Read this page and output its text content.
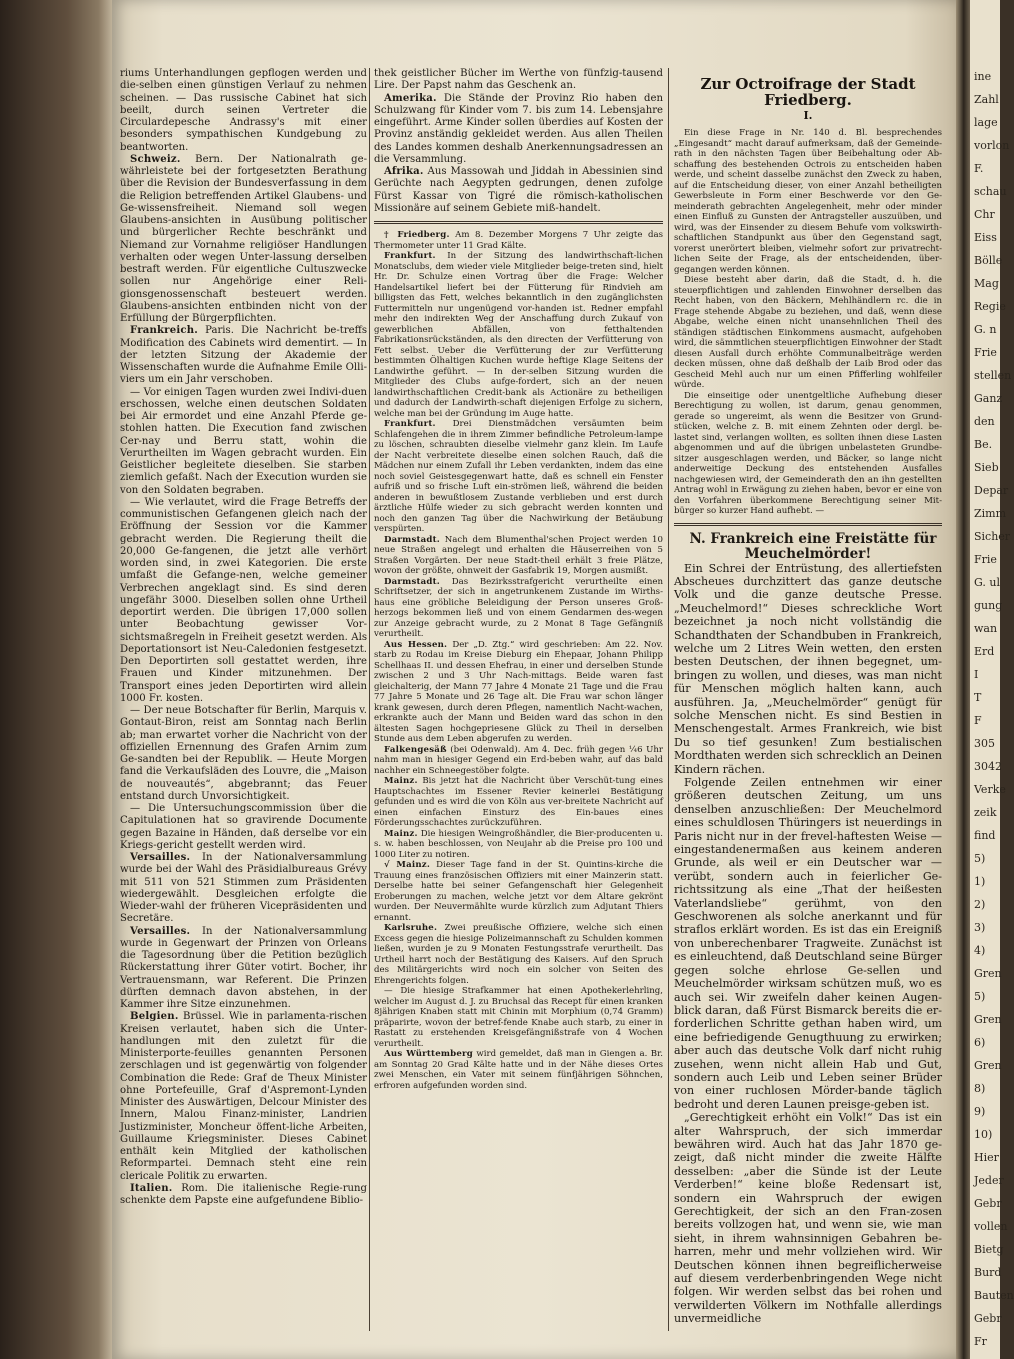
ine
Zahl
lage
vorlon
F.
schau
Chr
Eiss
Bölle
Mag
Regie
G. n
Frie
stellen
Ganz
den
Be.
Sieb
Depar
Zimm
Sicher
Frie
G. ul
gung
wan
Erd
I
T
F
305
3042
Verke
zeik
find
5)
1)
2)
3)
4)
Gren
5)
Gren
6)
Gren
8)
9)
10)
Hier
Jeder
Gebr
vollen
Bietg
Burd
Bauten
Gebr
Fr

riums Unterhandlungen gepflogen werden und die-selben einen günstigen Verlauf zu nehmen scheinen. — Das russische Cabinet hat sich beeilt, durch seinen Vertreter die Circulardepesche Andrassy's mit einer besonders sympathischen Kundgebung zu beantworten.

Schweiz. Bern. Der Nationalrath ge-währleistete bei der fortgesetzten Berathung über die Revision der Bundesverfassung in dem die Religion betreffenden Artikel Glaubens- und Ge-wissensfreiheit. Niemand soll wegen Glaubens-ansichten in Ausübung politischer und bürgerlicher Rechte beschränkt und Niemand zur Vornahme religiöser Handlungen verhalten oder wegen Unter-lassung derselben bestraft werden. Für eigentliche Cultuszwecke sollen nur Angehörige einer Reli-gionsgenossenschaft besteuert werden. Glaubens-ansichten entbinden nicht von der Erfüllung der Bürgerpflichten.

Frankreich. Paris. Die Nachricht be-treffs Modification des Cabinets wird dementirt. — In der letzten Sitzung der Akademie der Wissenschaften wurde die Aufnahme Emile Olli-viers um ein Jahr verschoben.

— Vor einigen Tagen wurden zwei Indivi-duen erschossen, welche einen deutschen Soldaten bei Air ermordet und eine Anzahl Pferde ge-stohlen hatten. Die Execution fand zwischen Cer-nay und Berru statt, wohin die Verurtheilten im Wagen gebracht wurden. Ein Geistlicher begleitete dieselben. Sie starben ziemlich gefaßt. Nach der Execution wurden sie von den Soldaten begraben.

— Wie verlautet, wird die Frage Betreffs der communistischen Gefangenen gleich nach der Eröffnung der Session vor die Kammer gebracht werden. Die Regierung theilt die 20,000 Ge-fangenen, die jetzt alle verhört worden sind, in zwei Kategorien. Die erste umfaßt die Gefange-nen, welche gemeiner Verbrechen angeklagt sind. Es sind deren ungefähr 3000. Dieselben sollen ohne Urtheil deportirt werden. Die übrigen 17,000 sollen unter Beobachtung gewisser Vor-sichtsmaßregeln in Freiheit gesetzt werden. Als Deportationsort ist Neu-Caledonien festgesetzt. Den Deportirten soll gestattet werden, ihre Frauen und Kinder mitzunehmen. Der Transport eines jeden Deportirten wird allein 1000 Fr. kosten.

— Der neue Botschafter für Berlin, Marquis v. Gontaut-Biron, reist am Sonntag nach Berlin ab; man erwartet vorher die Nachricht von der offiziellen Ernennung des Grafen Arnim zum Ge-sandten bei der Republik. — Heute Morgen fand die Verkaufsläden des Louvre, die „Maison de nouveautés“, abgebrannt; das Feuer entstand durch Unvorsichtigkeit.

— Die Untersuchungscommission über die Capitulationen hat so gravirende Documente gegen Bazaine in Händen, daß derselbe vor ein Kriegs-gericht gestellt werden wird.

Versailles. In der Nationalversammlung wurde bei der Wahl des Präsidialbureaus Grévy mit 511 von 521 Stimmen zum Präsidenten wiedergewählt. Desgleichen erfolgte die Wieder-wahl der früheren Vicepräsidenten und Secretäre.

Versailles. In der Nationalversammlung wurde in Gegenwart der Prinzen von Orleans die Tagesordnung über die Petition bezüglich Rückerstattung ihrer Güter votirt. Bocher, ihr Vertrauensmann, war Referent. Die Prinzen dürften demnach davon abstehen, in der Kammer ihre Sitze einzunehmen.

Belgien. Brüssel. Wie in parlamenta-rischen Kreisen verlautet, haben sich die Unter-handlungen mit den zuletzt für die Ministerporte-feuilles genannten Personen zerschlagen und ist gegenwärtig von folgender Combination die Rede: Graf de Theux Minister ohne Portefeuille, Graf d'Aspremont-Lynden Minister des Auswärtigen, Delcour Minister des Innern, Malou Finanz-minister, Landrien Justizminister, Moncheur öffent-liche Arbeiten, Guillaume Kriegsminister. Dieses Cabinet enthält kein Mitglied der katholischen Reformpartei. Demnach steht eine rein clericale Politik zu erwarten.

Italien. Rom. Die italienische Regie-rung schenkte dem Papste eine aufgefundene Biblio-

thek geistlicher Bücher im Werthe von fünfzig-tausend Lire. Der Papst nahm das Geschenk an.

Amerika. Die Stände der Provinz Rio haben den Schulzwang für Kinder vom 7. bis zum 14. Lebensjahre eingeführt. Arme Kinder sollen überdies auf Kosten der Provinz anständig gekleidet werden. Aus allen Theilen des Landes kommen deshalb Anerkennungsadressen an die Versammlung.

Afrika. Aus Massowah und Jiddah in Abessinien sind Gerüchte nach Aegypten gedrungen, denen zufolge Fürst Kassar von Tigré die römisch-katholischen Missionäre auf seinem Gebiete miß-handelt.

† Friedberg. Am 8. Dezember Morgens 7 Uhr zeigte das Thermometer unter 11 Grad Kälte.

Frankfurt. In der Sitzung des landwirthschaft-lichen Monatsclubs, dem wieder viele Mitglieder beige-treten sind, hielt Hr. Dr. Schulze einen Vortrag über die Frage: Welcher Handelsartikel liefert bei der Fütterung für Rindvieh am billigsten das Fett, welches bekanntlich in den zugänglichsten Futtermitteln nur ungenügend vor-handen ist. Redner empfahl mehr den indirekten Weg der Anschaffung durch Zukauf von gewerblichen Abfällen, von fetthaltenden Fabrikationsrückständen, als den directen der Verfütterung von Fett selbst. Ueber die Verfütterung der zur Verfütterung bestimmten Ölhaltigen Kuchen wurde heftige Klage Seitens der Landwirthe geführt. — In der-selben Sitzung wurden die Mitglieder des Clubs aufge-fordert, sich an der neuen landwirthschaftlichen Credit-bank als Actionäre zu betheiligen und dadurch der Landwirth-schaft diejenigen Erfolge zu sichern, welche man bei der Gründung im Auge hatte.

Frankfurt. Drei Dienstmädchen versäumten beim Schlafengehen die in ihrem Zimmer befindliche Petroleum-lampe zu löschen, schraubten dieselbe vielmehr ganz klein. Im Laufe der Nacht verbreitete dieselbe einen solchen Rauch, daß die Mädchen nur einem Zufall ihr Leben verdankten, indem das eine noch soviel Geistesgegenwart hatte, daß es schnell ein Fenster aufriß und so frische Luft ein-strömen ließ, während die beiden anderen in bewußtlosem Zustande verblieben und erst durch ärztliche Hülfe wieder zu sich gebracht werden konnten und noch den ganzen Tag über die Nachwirkung der Betäubung verspürten.

Darmstadt. Nach dem Blumenthal'schen Project werden 10 neue Straßen angelegt und erhalten die Häuserreihen von 5 Straßen Vorgärten. Der neue Stadt-theil erhält 3 freie Plätze, wovon der größte, ohnweit der Gasfabrik 19, Morgen ausmißt.

Darmstadt. Das Bezirksstrafgericht verurtheilte einen Schriftsetzer, der sich in angetrunkenem Zustande im Wirths-haus eine gröbliche Beleidigung der Person unseres Groß-herzogs bekommen ließ und von einem Gendarmen des-wegen zur Anzeige gebracht wurde, zu 2 Monat 8 Tage Gefängniß verurtheilt.

Aus Hessen. Der „D. Ztg.“ wird geschrieben: Am 22. Nov. starb zu Rodau im Kreise Dieburg ein Ehepaar, Johann Philipp Schellhaas II. und dessen Ehefrau, in einer und derselben Stunde zwischen 2 und 3 Uhr Nach-mittags. Beide waren fast gleichalterig, der Mann 77 Jahre 4 Monate 21 Tage und die Frau 77 Jahre 5 Monate und 26 Tage alt. Die Frau war schon länger krank gewesen, durch deren Pflegen, namentlich Nacht-wachen, erkrankte auch der Mann und Beiden ward das schon in den ältesten Sagen hochgepriesene Glück zu Theil in derselben Stunde aus dem Leben abgerufen zu werden.

Falkengesäß (bei Odenwald). Am 4. Dec. früh gegen ¼6 Uhr nahm man in hiesiger Gegend ein Erd-beben wahr, auf das bald nachher ein Schneegestöber folgte.

Mainz. Bis jetzt hat die Nachricht über Verschüt-tung eines Hauptschachtes im Essener Revier keinerlei Bestätigung gefunden und es wird die von Köln aus ver-breitete Nachricht auf einen einfachen Einsturz des Ein-baues eines Förderungsschachtes zurückzuführen.

Mainz. Die hiesigen Weingroßhändler, die Bier-producenten u. s. w. haben beschlossen, von Neujahr ab die Preise pro 100 und 1000 Liter zu notiren.

√ Mainz. Dieser Tage fand in der St. Quintins-kirche die Trauung eines französischen Offiziers mit einer Mainzerin statt. Derselbe hatte bei seiner Gefangenschaft hier Gelegenheit Eroberungen zu machen, welche jetzt vor dem Altare gekrönt wurden. Der Neuvermählte wurde kürzlich zum Adjutant Thiers ernannt.

Karlsruhe. Zwei preußische Offiziere, welche sich einen Excess gegen die hiesige Polizeimannschaft zu Schulden kommen ließen, wurden je zu 9 Monaten Festungsstrafe verurtheilt. Das Urtheil harrt noch der Bestätigung des Kaisers. Auf den Spruch des Militärgerichts wird noch ein solcher von Seiten des Ehrengerichts folgen.

— Die hiesige Strafkammer hat einen Apothekerlehrling, welcher im August d. J. zu Bruchsal das Recept für einen kranken 8jährigen Knaben statt mit Chinin mit Morphium (0,74 Gramm) präparirte, wovon der betref-fende Knabe auch starb, zu einer in Rastatt zu erstehenden Kreisgefängnißstrafe von 4 Wochen verurtheilt.

Aus Württemberg wird gemeldet, daß man in Giengen a. Br. am Sonntag 20 Grad Kälte hatte und in der Nähe dieses Ortes zwei Menschen, ein Vater mit seinem fünfjährigen Söhnchen, erfroren aufgefunden worden sind.

Zur Octroifrage der Stadt Friedberg.
I.

Ein diese Frage in Nr. 140 d. Bl. besprechendes „Eingesandt“ macht darauf aufmerksam, daß der Gemeinde-rath in den nächsten Tagen über Beibehaltung oder Ab-schaffung des bestehenden Octrois zu entscheiden haben werde, und scheint dasselbe zunächst den Zweck zu haben, auf die Entscheidung dieser, von einer Anzahl betheiligten Gewerbsleute in Form einer Beschwerde vor den Ge-meinderath gebrachten Angelegenheit, mehr oder minder einen Einfluß zu Gunsten der Antragsteller auszuüben, und wird, was der Einsender zu diesem Behufe vom volkswirth-schaftlichen Standpunkt aus über den Gegenstand sagt, vorerst unerörtert bleiben, vielmehr sofort zur privatrecht-lichen Seite der Frage, als der entscheidenden, über-gegangen werden können.

Diese besteht aber darin, daß die Stadt, d. h. die steuerpflichtigen und zahlenden Einwohner derselben das Recht haben, von den Bäckern, Mehlhändlern rc. die in Frage stehende Abgabe zu beziehen, und daß, wenn diese Abgabe, welche einen nicht unansehnlichen Theil des ständigen städtischen Einkommens ausmacht, aufgehoben wird, die sämmtlichen steuerpflichtigen Einwohner der Stadt diesen Ausfall durch erhöhte Communalbeiträge werden decken müssen, ohne daß deßhalb der Laib Brod oder das Gescheid Mehl auch nur um einen Pfifferling wohlfeiler würde.

Die einseitige oder unentgeltliche Aufhebung dieser Berechtigung zu wollen, ist darum, genau genommen, gerade so ungereimt, als wenn die Besitzer von Grund-stücken, welche z. B. mit einem Zehnten oder dergl. be-lastet sind, verlangen wollten, es sollten ihnen diese Lasten abgenommen und auf die übrigen unbelasteten Grundbe-sitzer ausgeschlagen werden, und Bäcker, so lange nicht anderweitige Deckung des entstehenden Ausfalles nachgewiesen wird, der Gemeinderath den an ihn gestellten Antrag wohl in Erwägung zu ziehen haben, bevor er eine von den Vorfahren überkommene Berechtigung seiner Mit-bürger so kurzer Hand aufhebt. —

N. Frankreich eine Freistätte für Meuchelmörder!

Ein Schrei der Entrüstung, des allertiefsten Abscheues durchzittert das ganze deutsche Volk und die ganze deutsche Presse. „Meuchelmord!“ Dieses schreckliche Wort bezeichnet ja noch nicht vollständig die Schandthaten der Schandbuben in Frankreich, welche um 2 Litres Wein wetten, den ersten besten Deutschen, der ihnen begegnet, um-bringen zu wollen, und dieses, was man nicht für Menschen möglich halten kann, auch ausführen. Ja, „Meuchelmörder“ genügt für solche Menschen nicht. Es sind Bestien in Menschengestalt. Armes Frankreich, wie bist Du so tief gesunken! Zum bestialischen Mordthaten werden sich schrecklich an Deinen Kindern rächen.

Folgende Zeilen entnehmen wir einer größeren deutschen Zeitung, um uns denselben anzuschließen: Der Meuchelmord eines schuldlosen Thüringers ist neuerdings in Paris nicht nur in der frevel-haftesten Weise — eingestandenermaßen aus keinem anderen Grunde, als weil er ein Deutscher war — verübt, sondern auch in feierlicher Ge-richtssitzung als eine „That der heißesten Vaterlandsliebe“ gerühmt, von den Geschworenen als solche anerkannt und für straflos erklärt worden. Es ist das ein Ereigniß von unberechenbarer Tragweite. Zunächst ist es einleuchtend, daß Deutschland seine Bürger gegen solche ehrlose Ge-sellen und Meuchelmörder wirksam schützen muß, wo es auch sei. Wir zweifeln daher keinen Augen-blick daran, daß Fürst Bismarck bereits die er-forderlichen Schritte gethan haben wird, um eine befriedigende Genugthuung zu erwirken; aber auch das deutsche Volk darf nicht ruhig zusehen, wenn nicht allein Hab und Gut, sondern auch Leib und Leben seiner Brüder von einer ruchlosen Mörder-bande täglich bedroht und deren Launen preisge-geben ist.

„Gerechtigkeit erhöht ein Volk!“ Das ist ein alter Wahrspruch, der sich immerdar bewähren wird. Auch hat das Jahr 1870 ge-zeigt, daß nicht minder die zweite Hälfte desselben: „aber die Sünde ist der Leute Verderben!“ keine bloße Redensart ist, sondern ein Wahrspruch der ewigen Gerechtigkeit, der sich an den Fran-zosen bereits vollzogen hat, und wenn sie, wie man sieht, in ihrem wahnsinnigen Gebahren be-harren, mehr und mehr vollziehen wird. Wir Deutschen können ihnen begreiflicherweise auf diesem verderbenbringenden Wege nicht folgen. Wir werden selbst das bei rohen und verwilderten Völkern im Nothfalle allerdings unvermeidliche
